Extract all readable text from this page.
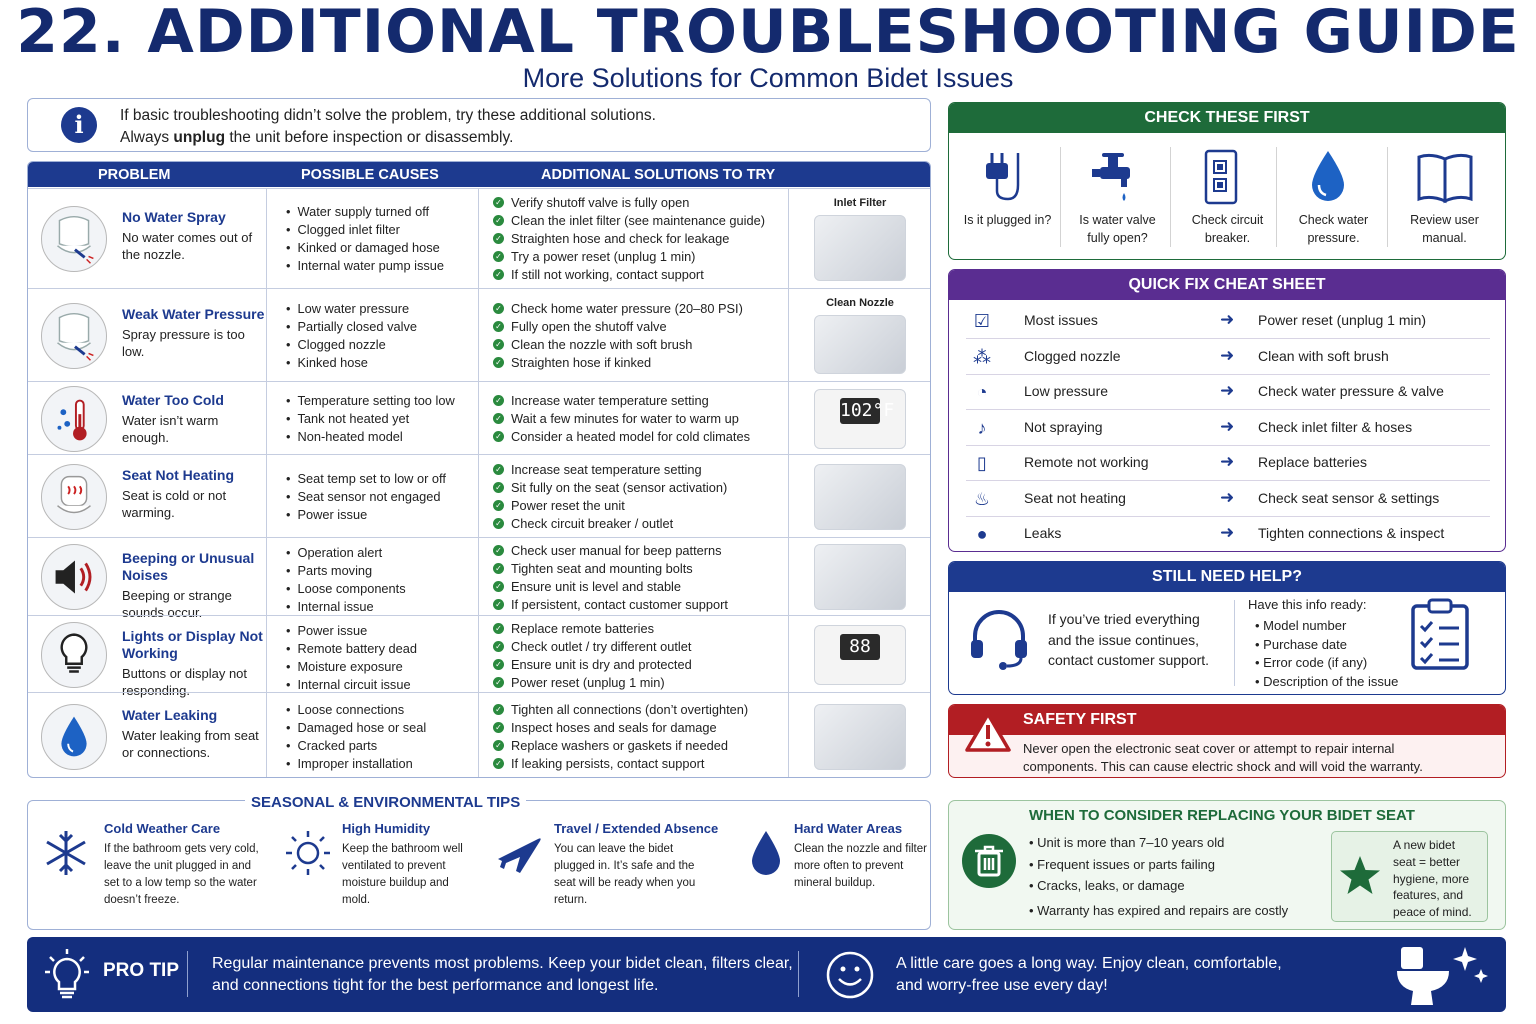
22. ADDITIONAL TROUBLESHOOTING GUIDE
More Solutions for Common Bidet Issues
i	If basic troubleshooting didn’t solve the problem, try these additional solutions.
Always unplug the unit before inspection or disassembly.
PROBLEM	POSSIBLE CAUSES	ADDITIONAL SOLUTIONS TO TRY
No Water Spray
No water comes out of the nozzle.
• Water supply turned off
• Clogged inlet filter
• Kinked or damaged hose
• Internal water pump issue
✓ Verify shutoff valve is fully open
✓ Clean the inlet filter (see maintenance guide)
✓ Straighten hose and check for leakage
✓ Try a power reset (unplug 1 min)
✓ If still not working, contact support
Inlet Filter
Weak Water Pressure
Spray pressure is too low.
• Low water pressure
• Partially closed valve
• Clogged nozzle
• Kinked hose
✓ Check home water pressure (20–80 PSI)
✓ Fully open the shutoff valve
✓ Clean the nozzle with soft brush
✓ Straighten hose if kinked
Clean Nozzle
Water Too Cold
Water isn’t warm enough.
• Temperature setting too low
• Tank not heated yet
• Non-heated model
✓ Increase water temperature setting
✓ Wait a few minutes for water to warm up
✓ Consider a heated model for cold climates
102°F
Seat Not Heating
Seat is cold or not warming.
• Seat temp set to low or off
• Seat sensor not engaged
• Power issue
✓ Increase seat temperature setting
✓ Sit fully on the seat (sensor activation)
✓ Power reset the unit
✓ Check circuit breaker / outlet
Beeping or Unusual Noises
Beeping or strange sounds occur.
• Operation alert
• Parts moving
• Loose components
• Internal issue
✓ Check user manual for beep patterns
✓ Tighten seat and mounting bolts
✓ Ensure unit is level and stable
✓ If persistent, contact customer support
Lights or Display Not Working
Buttons or display not responding.
• Power issue
• Remote battery dead
• Moisture exposure
• Internal circuit issue
✓ Replace remote batteries
✓ Check outlet / try different outlet
✓ Ensure unit is dry and protected
✓ Power reset (unplug 1 min)
88
Water Leaking
Water leaking from seat or connections.
• Loose connections
• Damaged hose or seal
• Cracked parts
• Improper installation
✓ Tighten all connections (don’t overtighten)
✓ Inspect hoses and seals for damage
✓ Replace washers or gaskets if needed
✓ If leaking persists, contact support
CHECK THESE FIRST
Is it plugged in?	Is water valve
fully open?
Check circuit
breaker.
Check water
pressure.
Review user
manual.
QUICK FIX CHEAT SHEET
☑ Most issues	➜ Power reset (unplug 1 min)
⁂ Clogged nozzle	➜ Clean with soft brush
◔	Low pressure	➜ Check water pressure & valve
♪	Not spraying	➜ Check inlet filter & hoses
▯	Remote not working	➜ Replace batteries
♨ Seat not heating	➜ Check seat sensor & settings
●	Leaks	➜ Tighten connections & inspect
STILL NEED HELP?
If you’ve tried everything
and the issue continues,
contact customer support.
Have this info ready:
• Model number
• Purchase date
• Error code (if any)
• Description of the issue
SAFETY FIRST
Never open the electronic seat cover or attempt to repair internal
components. This can cause electric shock and will void the warranty.
SEASONAL & ENVIRONMENTAL TIPS
Cold Weather Care
If the bathroom gets very cold,
leave the unit plugged in and
set to a low temp so the water
doesn’t freeze.
High Humidity
Keep the bathroom well
ventilated to prevent
moisture buildup and
mold.
Travel / Extended Absence
You can leave the bidet
plugged in. It’s safe and the
seat will be ready when you
return.
Hard Water Areas
Clean the nozzle and filter
more often to prevent
mineral buildup.
WHEN TO CONSIDER REPLACING YOUR BIDET SEAT
• Unit is more than 7–10 years old
• Frequent issues or parts failing
• Cracks, leaks, or damage
• Warranty has expired and repairs are costly
A new bidet
seat = better
hygiene, more
features, and
peace of mind.
PRO TIP Regular maintenance prevents most problems. Keep your bidet clean, filters clear,
and connections tight for the best performance and longest life.
A little care goes a long way. Enjoy clean, comfortable,
and worry-free use every day!
